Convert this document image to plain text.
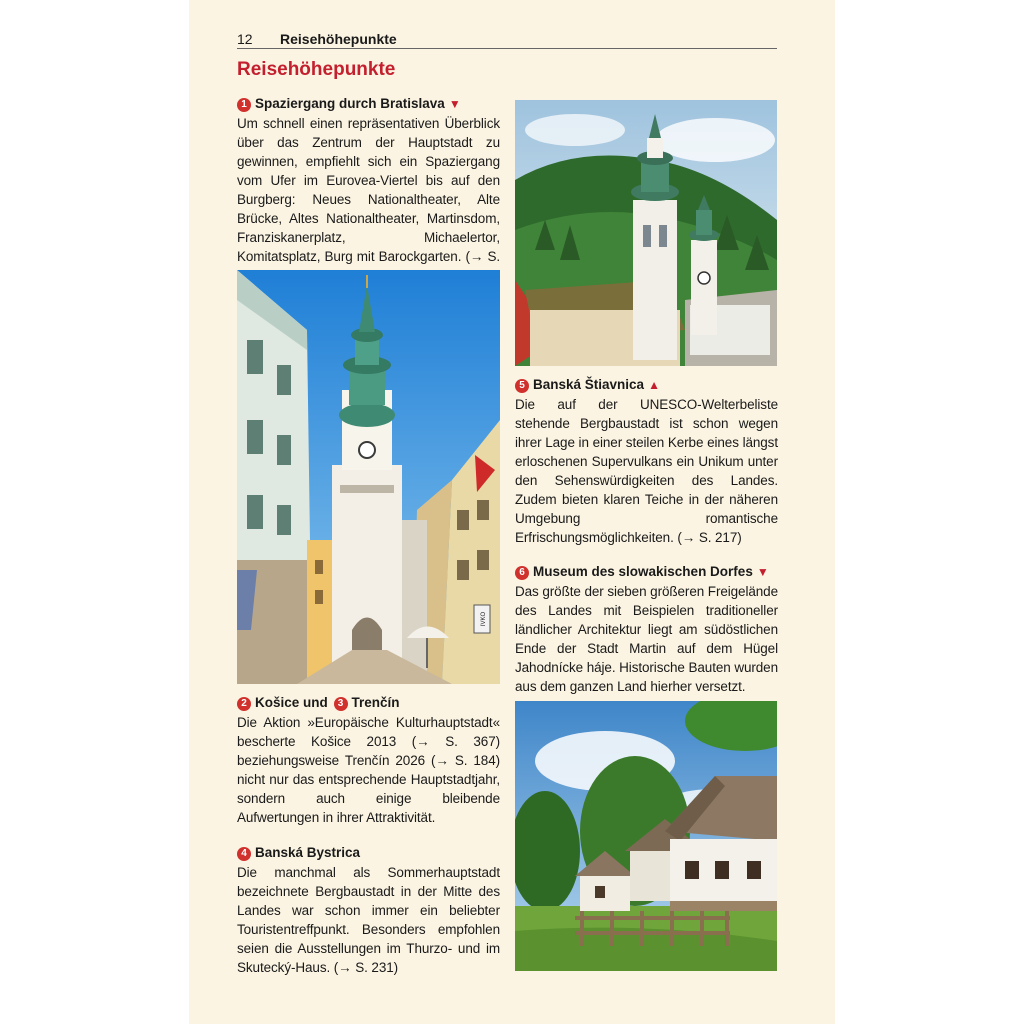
12 Reisehöhepunkte
Reisehöhepunkte
1 Spaziergang durch Bratislava ▼

Um schnell einen repräsentativen Überblick über das Zentrum der Hauptstadt zu gewinnen, empfiehlt sich ein Spaziergang vom Ufer im Eurovea-Viertel bis auf den Burgberg: Neues Nationaltheater, Alte Brücke, Altes Nationaltheater, Martinsdom, Franziskanerplatz, Michaelertor, Komitatsplatz, Burg mit Barockgarten. (→ S.

IVKO
2 Košice und 3 Trenčín

Die Aktion »Europäische Kulturhauptstadt« bescherte Košice 2013 (→ S. 367) beziehungsweise Trenčín 2026 (→ S. 184) nicht nur das entsprechende Hauptstadtjahr, sondern auch einige bleibende Aufwertungen in ihrer Attraktivität.

4 Banská Bystrica

Die manchmal als Sommerhauptstadt bezeichnete Bergbaustadt in der Mitte des Landes war schon immer ein beliebter Touristentreffpunkt. Besonders empfohlen seien die Ausstellungen im Thurzo- und im Skutecký-Haus. (→ S. 231)

5 Banská Štiavnica ▲

Die auf der UNESCO-Welterbeliste stehende Bergbaustadt ist schon wegen ihrer Lage in einer steilen Kerbe eines längst erloschenen Supervulkans ein Unikum unter den Sehenswürdigkeiten des Landes. Zudem bieten klaren Teiche in der näheren Umgebung romantische Erfrischungsmöglichkeiten. (→ S. 217)

6 Museum des slowakischen Dorfes ▼

Das größte der sieben größeren Freigelände des Landes mit Beispielen traditioneller ländlicher Architektur liegt am südöstlichen Ende der Stadt Martin auf dem Hügel Jahodnícke háje. Historische Bauten wurden aus dem ganzen Land hierher versetzt.
